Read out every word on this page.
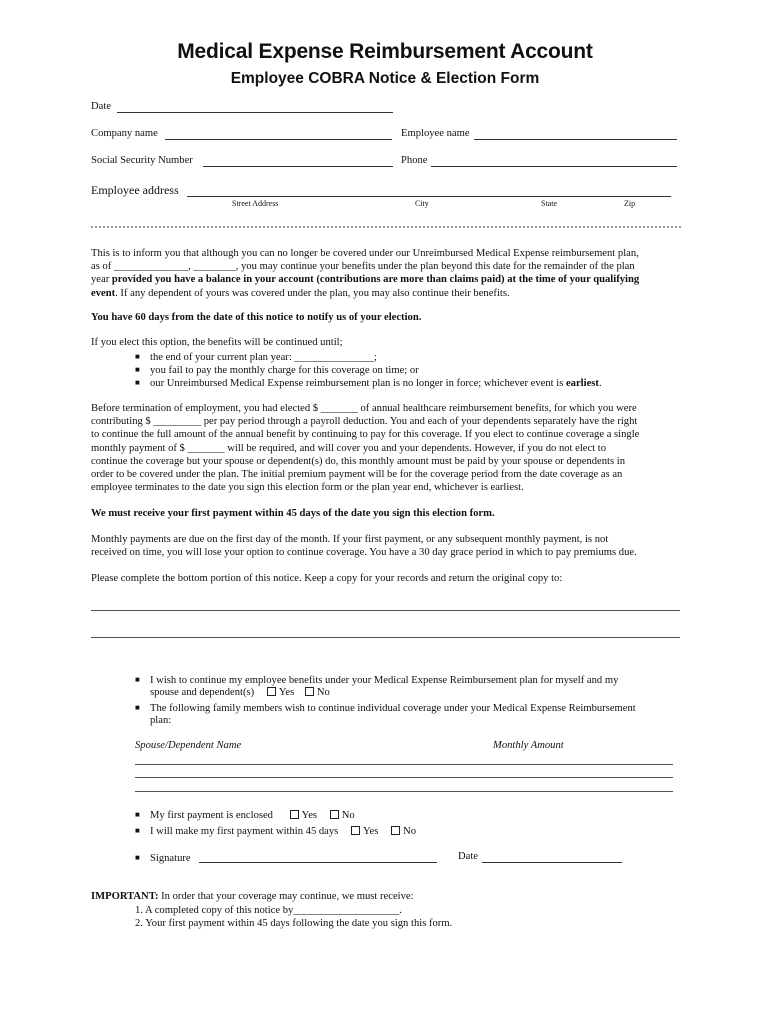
Medical Expense Reimbursement Account
Employee COBRA Notice & Election Form
Date
Company name	Employee name
Social Security Number	Phone
Employee address
Street Address	City	State	Zip
This is to inform you that although you can no longer be covered under our Unreimbursed Medical Expense reimbursement plan,
as of ______________, ________, you may continue your benefits under the plan beyond this date for the remainder of the plan
year provided you have a balance in your account (contributions are more than claims paid) at the time of your qualifying
event. If any dependent of yours was covered under the plan, you may also continue their benefits.
You have 60 days from the date of this notice to notify us of your election.
If you elect this option, the benefits will be continued until;
■ the end of your current plan year: _______________;
■ you fail to pay the monthly charge for this coverage on time; or
■ our Unreimbursed Medical Expense reimbursement plan is no longer in force; whichever event is earliest.
Before termination of employment, you had elected $ _______ of annual healthcare reimbursement benefits, for which you were
contributing $ _________ per pay period through a payroll deduction. You and each of your dependents separately have the right
to continue the full amount of the annual benefit by continuing to pay for this coverage. If you elect to continue coverage a single
monthly payment of $ _______ will be required, and will cover you and your dependents. However, if you do not elect to
continue the coverage but your spouse or dependent(s) do, this monthly amount must be paid by your spouse or dependents in
order to be covered under the plan. The initial premium payment will be for the coverage period from the date coverage as an
employee terminates to the date you sign this election form or the plan year end, whichever is earliest.
We must receive your first payment within 45 days of the date you sign this election form.
Monthly payments are due on the first day of the month. If your first payment, or any subsequent monthly payment, is not
received on time, you will lose your option to continue coverage. You have a 30 day grace period in which to pay premiums due.
Please complete the bottom portion of this notice. Keep a copy for your records and return the original copy to:
■ I wish to continue my employee benefits under your Medical Expense Reimbursement plan for myself and my
spouse and dependent(s) Yes No
■ The following family members wish to continue individual coverage under your Medical Expense Reimbursement
plan:
Spouse/Dependent Name	Monthly Amount
■ My first payment is enclosed	Yes No
■ I will make my first payment within 45 days Yes No
■ Signature	Date
IMPORTANT: In order that your coverage may continue, we must receive:
1. A completed copy of this notice by____________________.
2. Your first payment within 45 days following the date you sign this form.
